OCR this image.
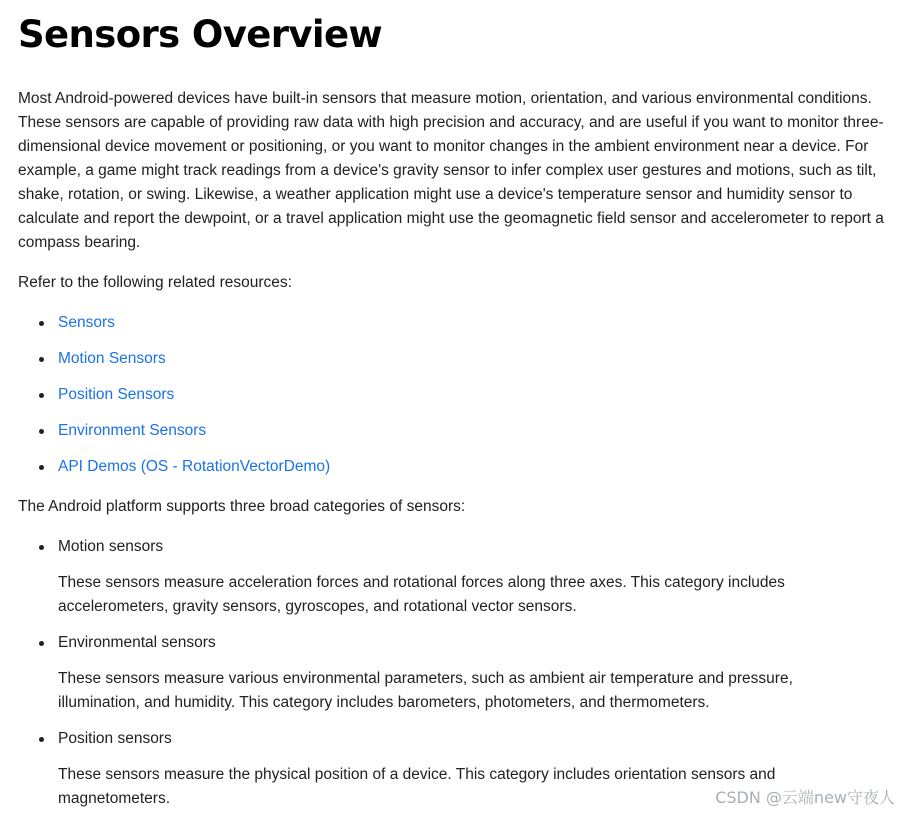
Sensors Overview

Most Android-powered devices have built-in sensors that measure motion, orientation, and various environmental conditions. These sensors are capable of providing raw data with high precision and accuracy, and are useful if you want to monitor three-dimensional device movement or positioning, or you want to monitor changes in the ambient environment near a device. For example, a game might track readings from a device's gravity sensor to infer complex user gestures and motions, such as tilt, shake, rotation, or swing. Likewise, a weather application might use a device's temperature sensor and humidity sensor to calculate and report the dewpoint, or a travel application might use the geomagnetic field sensor and accelerometer to report a compass bearing.

Refer to the following related resources:

Sensors
Motion Sensors
Position Sensors
Environment Sensors
API Demos (OS - RotationVectorDemo)

The Android platform supports three broad categories of sensors:

Motion sensors

These sensors measure acceleration forces and rotational forces along three axes. This category includes accelerometers, gravity sensors, gyroscopes, and rotational vector sensors.

Environmental sensors

These sensors measure various environmental parameters, such as ambient air temperature and pressure, illumination, and humidity. This category includes barometers, photometers, and thermometers.

Position sensors

These sensors measure the physical position of a device. This category includes orientation sensors and magnetometers.	CSDN @云端new守夜人
